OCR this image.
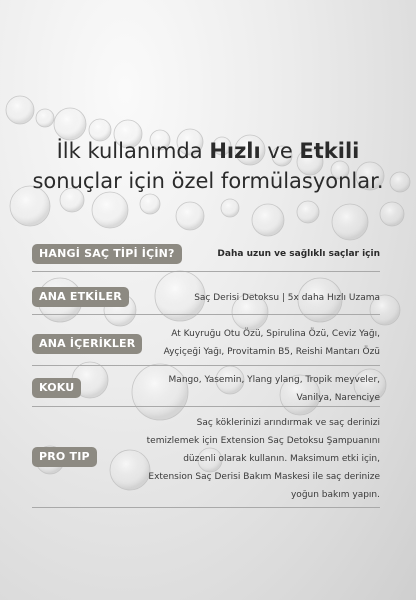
İlk kullanımda Hızlı ve Etkili
sonuçlar için özel formülasyonlar.
HANGİ SAÇ TİPİ İÇİN?	Daha uzun ve sağlıklı saçlar için
ANA ETKİLER	Saç Derisi Detoksu | 5x daha Hızlı Uzama
ANA İÇERİKLER
At Kuyruğu Otu Özü, Spirulina Özü, Ceviz Yağı,
Ayçiçeği Yağı, Provitamin B5, Reishi Mantarı Özü
KOKU
Mango, Yasemin, Ylang ylang, Tropik meyveler,
Vanilya, Narenciye
PRO TIP
Saç köklerinizi arındırmak ve saç derinizi
temizlemek için Extension Saç Detoksu Şampuanını
düzenli olarak kullanın. Maksimum etki için,
Extension Saç Derisi Bakım Maskesi ile saç derinize
yoğun bakım yapın.
